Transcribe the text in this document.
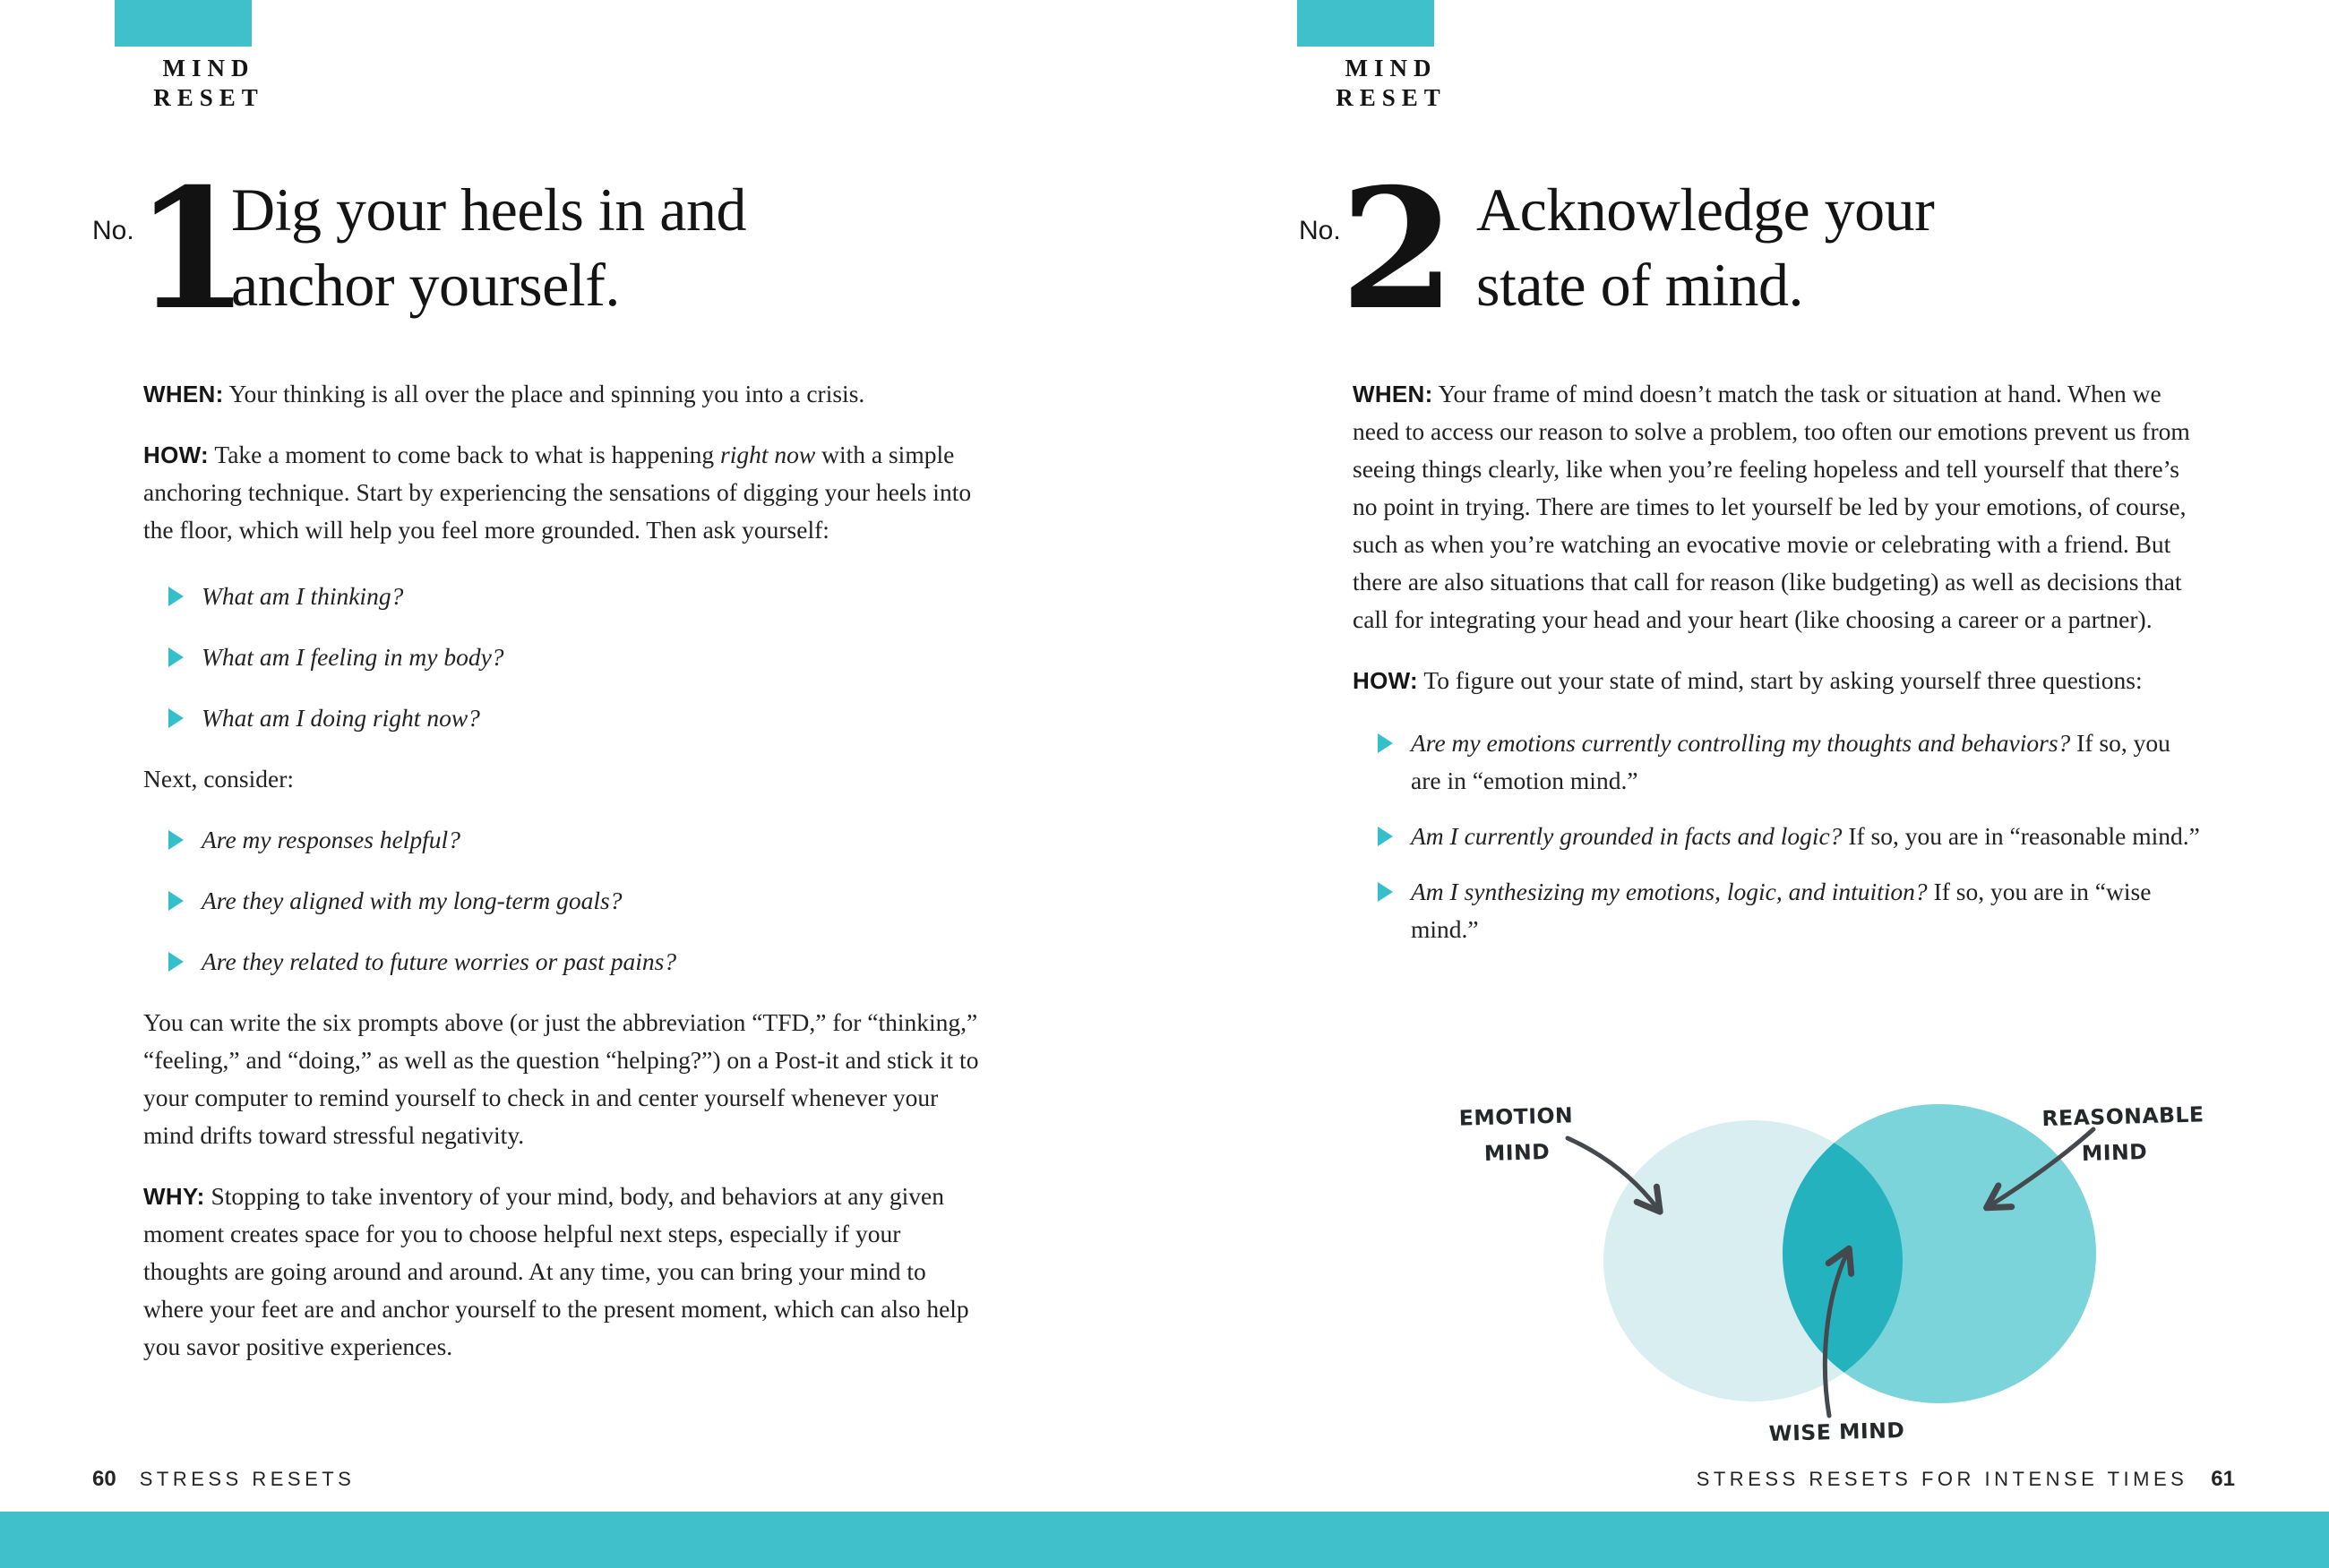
MIND
RESET
No. 1
Dig your heels in and
anchor yourself.

WHEN: Your thinking is all over the place and spinning you into a crisis.

HOW: Take a moment to come back to what is happening right now with a simple anchoring technique. Start by experiencing the sensations of digging your heels into the floor, which will help you feel more grounded. Then ask yourself:

What am I thinking?
What am I feeling in my body?
What am I doing right now?

Next, consider:

Are my responses helpful?
Are they aligned with my long-term goals?
Are they related to future worries or past pains?

You can write the six prompts above (or just the abbreviation “TFD,” for “thinking,” “feeling,” and “doing,” as well as the question “helping?”) on a Post-it and stick it to your computer to remind yourself to check in and center yourself whenever your mind drifts toward stressful negativity.

WHY: Stopping to take inventory of your mind, body, and behaviors at any given moment creates space for you to choose helpful next steps, especially if your thoughts are going around and around. At any time, you can bring your mind to where your feet are and anchor yourself to the present moment, which can also help you savor positive experiences.

60 STRESS RESETS
MIND
RESET
No. 2 Acknowledge your
state of mind.

WHEN: Your frame of mind doesn’t match the task or situation at hand. When we need to access our reason to solve a problem, too often our emotions prevent us from seeing things clearly, like when you’re feeling hopeless and tell yourself that there’s no point in trying. There are times to let yourself be led by your emotions, of course, such as when you’re watching an evocative movie or celebrating with a friend. But there are also situations that call for reason (like budgeting) as well as decisions that call for integrating your head and your heart (like choosing a career or a partner).

HOW: To figure out your state of mind, start by asking yourself three questions:

Are my emotions currently controlling my thoughts and behaviors? If so, you are in “emotion mind.”
Am I currently grounded in facts and logic? If so, you are in “reasonable mind.”
Am I synthesizing my emotions, logic, and intuition? If so, you are in “wise mind.”
EMOTION
MIND
REASONABLE
MIND
WISE MIND
STRESS RESETS FOR INTENSE TIMES 61
